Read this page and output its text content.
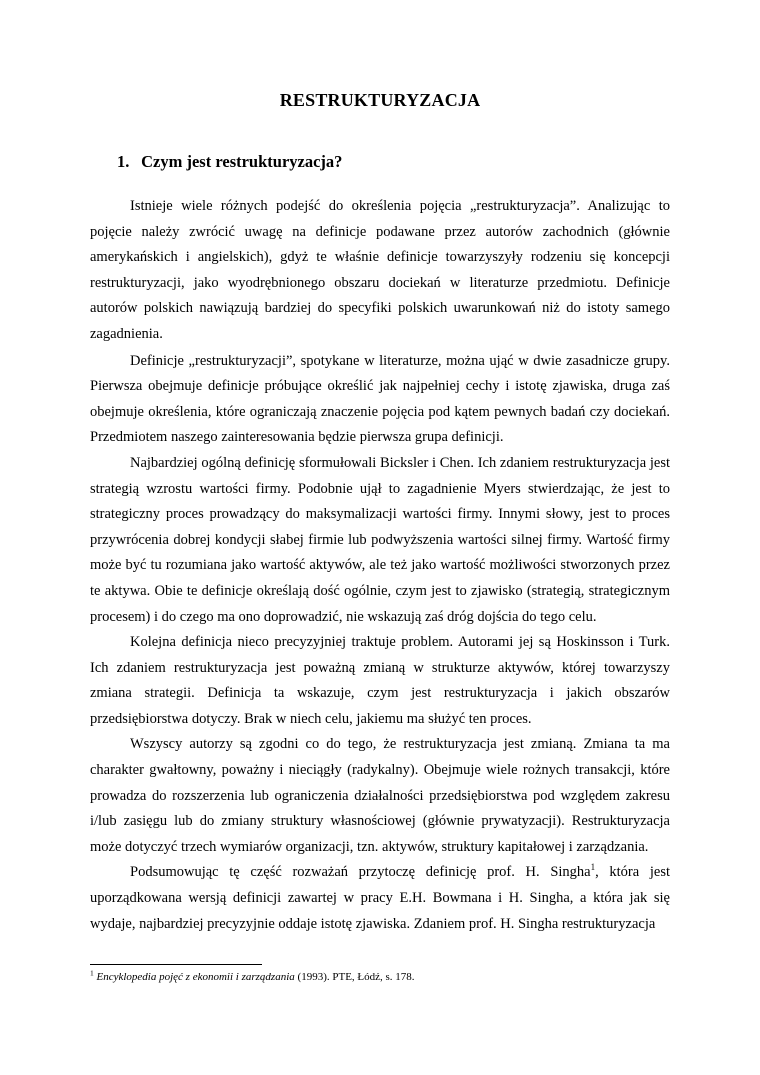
RESTRUKTURYZACJA
1. Czym jest restrukturyzacja?

Istnieje wiele różnych podejść do określenia pojęcia „restrukturyzacja”. Analizując to pojęcie należy zwrócić uwagę na definicje podawane przez autorów zachodnich (głównie amerykańskich i angielskich), gdyż te właśnie definicje towarzyszyły rodzeniu się koncepcji restrukturyzacji, jako wyodrębnionego obszaru dociekań w literaturze przedmiotu. Definicje autorów polskich nawiązują bardziej do specyfiki polskich uwarunkowań niż do istoty samego zagadnienia.

Definicje „restrukturyzacji”, spotykane w literaturze, można ująć w dwie zasadnicze grupy. Pierwsza obejmuje definicje próbujące określić jak najpełniej cechy i istotę zjawiska, druga zaś obejmuje określenia, które ograniczają znaczenie pojęcia pod kątem pewnych badań czy dociekań. Przedmiotem naszego zainteresowania będzie pierwsza grupa definicji.

Najbardziej ogólną definicję sformułowali Bicksler i Chen. Ich zdaniem restrukturyzacja jest strategią wzrostu wartości firmy. Podobnie ujął to zagadnienie Myers stwierdzając, że jest to strategiczny proces prowadzący do maksymalizacji wartości firmy. Innymi słowy, jest to proces przywrócenia dobrej kondycji słabej firmie lub podwyższenia wartości silnej firmy. Wartość firmy może być tu rozumiana jako wartość aktywów, ale też jako wartość możliwości stworzonych przez te aktywa. Obie te definicje określają dość ogólnie, czym jest to zjawisko (strategią, strategicznym procesem) i do czego ma ono doprowadzić, nie wskazują zaś dróg dojścia do tego celu.

Kolejna definicja nieco precyzyjniej traktuje problem. Autorami jej są Hoskinsson i Turk. Ich zdaniem restrukturyzacja jest poważną zmianą w strukturze aktywów, której towarzyszy zmiana strategii. Definicja ta wskazuje, czym jest restrukturyzacja i jakich obszarów przedsiębiorstwa dotyczy. Brak w niech celu, jakiemu ma służyć ten proces.

Wszyscy autorzy są zgodni co do tego, że restrukturyzacja jest zmianą. Zmiana ta ma charakter gwałtowny, poważny i nieciągły (radykalny). Obejmuje wiele rożnych transakcji, które prowadza do rozszerzenia lub ograniczenia działalności przedsiębiorstwa pod względem zakresu i/lub zasięgu lub do zmiany struktury własnościowej (głównie prywatyzacji). Restrukturyzacja może dotyczyć trzech wymiarów organizacji, tzn. aktywów, struktury kapitałowej i zarządzania.

Podsumowując tę część rozważań przytoczę definicję prof. H. Singha$^1$, która jest uporządkowana wersją definicji zawartej w pracy E.H. Bowmana i H. Singha, a która jak się wydaje, najbardziej precyzyjnie oddaje istotę zjawiska. Zdaniem prof. H. Singha restrukturyzacja

$^1$ Encyklopedia pojęć z ekonomii i zarządzania (1993). PTE, Łódź, s. 178.
